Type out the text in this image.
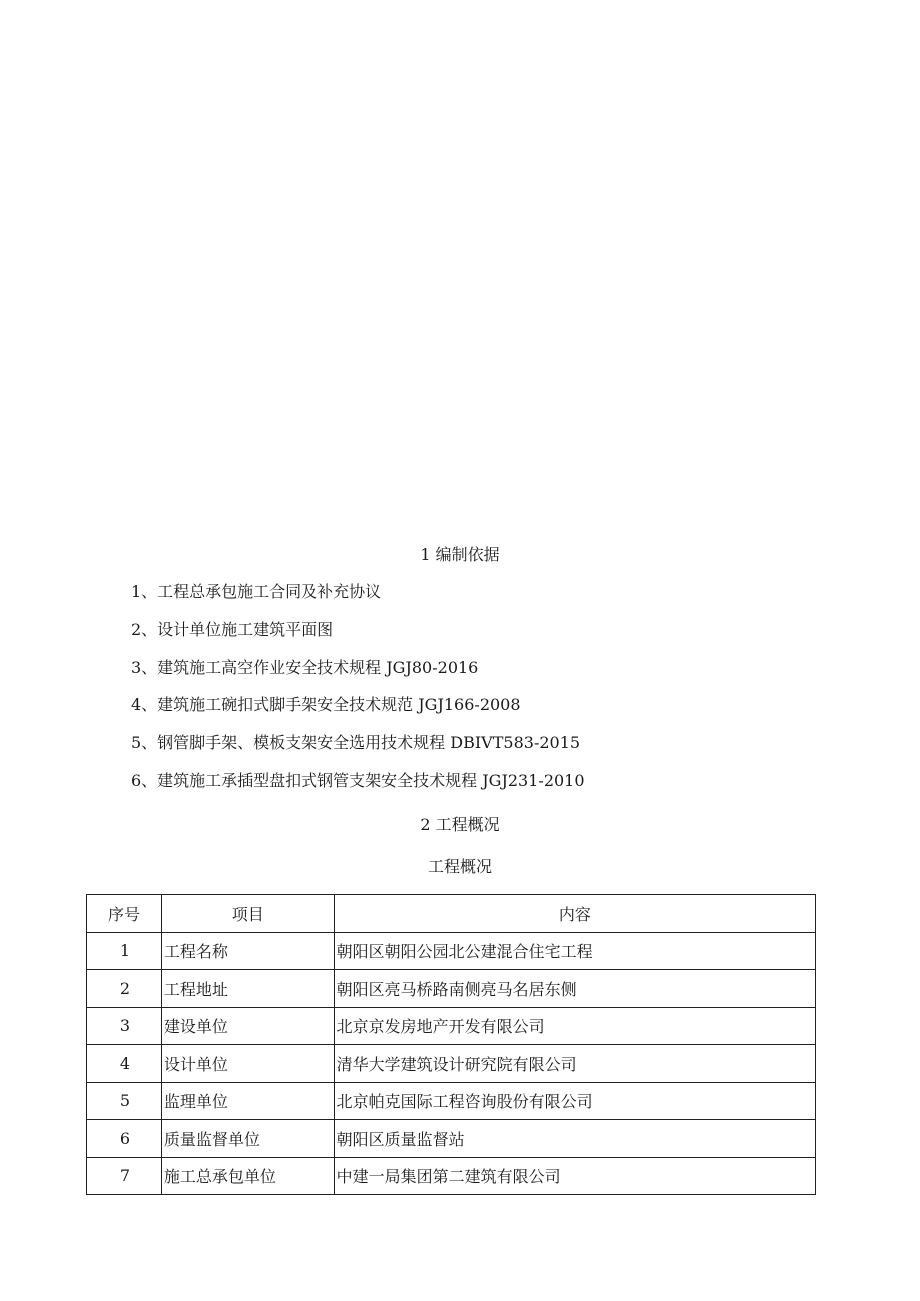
1 编制依据
1、工程总承包施工合同及补充协议
2、设计单位施工建筑平面图
3、建筑施工高空作业安全技术规程 JGJ80-2016
4、建筑施工碗扣式脚手架安全技术规范 JGJ166-2008
5、钢管脚手架、模板支架安全选用技术规程 DBIVT583-2015
6、建筑施工承插型盘扣式钢管支架安全技术规程 JGJ231-2010
2 工程概况
工程概况
序号	项目	内容
1	工程名称	朝阳区朝阳公园北公建混合住宅工程
2	工程地址	朝阳区亮马桥路南侧亮马名居东侧
3	建设单位	北京京发房地产开发有限公司
4	设计单位	清华大学建筑设计研究院有限公司
5	监理单位	北京帕克国际工程咨询股份有限公司
6	质量监督单位	朝阳区质量监督站
7	施工总承包单位	中建一局集团第二建筑有限公司
